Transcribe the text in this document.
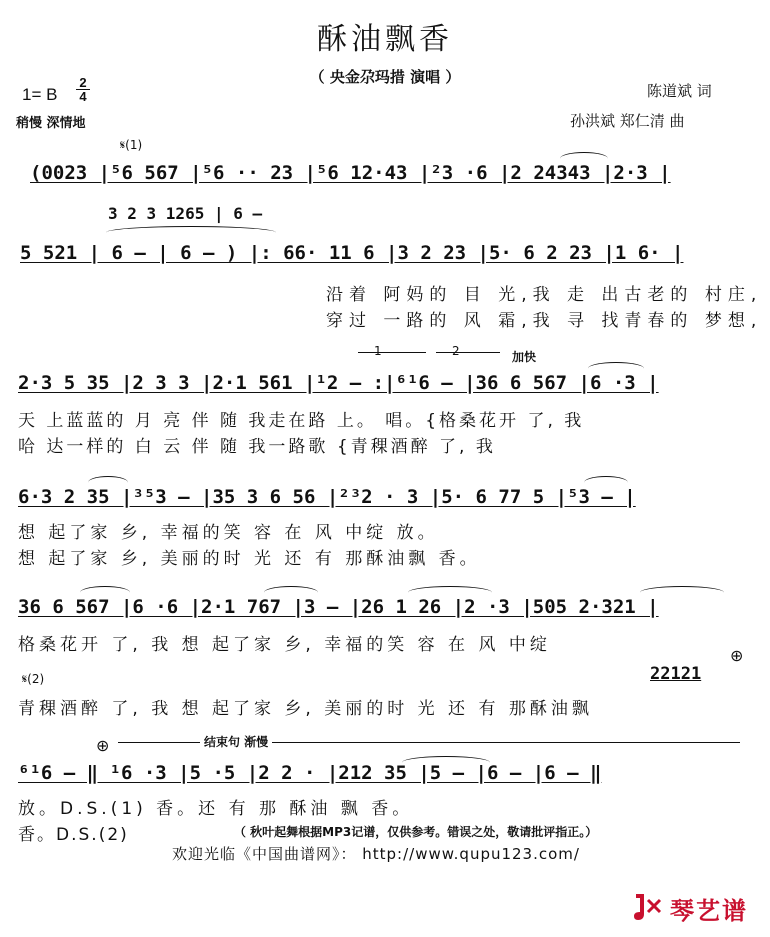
酥油飘香
（ 央金尕玛措 演唱 ）
1= B
2
4
稍慢 深情地
陈道斌 词
孙洪斌 郑仁清 曲
𝄋(1)
(0023 |⁵6 567 |⁵6 ·· 23 |⁵6 12·43 |²3 ·6 |2 24343 |2·3 |
3 2 3 1265 | 6 –
5 521 | 6 – | 6 – ) |: 66· 11 6 |3 2 23 |5· 6 2 23 |1 6· |
沿着 阿妈的 目 光,我 走 出古老的 村庄,
穿过 一路的 风 霜,我 寻 找青春的 梦想,
1	2	加快
2·3 5 35 |2 3 3 |2·1 561 |¹2 – :|⁶¹6 – |36 6 567 |6 ·3 |
天 上蓝蓝的 月 亮 伴 随 我走在路 上。 唱。{格桑花开 了, 我
哈 达一样的 白 云 伴 随 我一路歌 {青稞酒醉 了, 我
6·3 2 35 |³⁵3 – |35 3 6 56 |²³2 · 3 |5· 6 77 5 |⁵3 – |
想 起了家 乡, 幸福的笑 容 在 风 中绽 放。
想 起了家 乡, 美丽的时 光 还 有 那酥油飘 香。
36 6 567 |6 ·6 |2·1 767 |3 – |26 1 26 |2 ·3 |505 2·321 |
格桑花开 了, 我 想 起了家 乡, 幸福的笑 容 在 风 中绽
𝄋(2)	22121
⊕
青稞酒醉 了, 我 想 起了家 乡, 美丽的时 光 还 有 那酥油飘
结束句 渐慢
⊕
⁶¹6 – ‖ ¹6 ·3 |5 ·5 |2 2 · |212 35 |5 – |6 – |6 – ‖
放。D.S.(1) 香。还 有 那 酥油 飘 香。
香。D.S.(2)	（ 秋叶起舞根据MP3记谱，仅供参考。错误之处，敬请批评指正。）
欢迎光临《中国曲谱网》： http://www.qupu123.com/
琴艺谱
